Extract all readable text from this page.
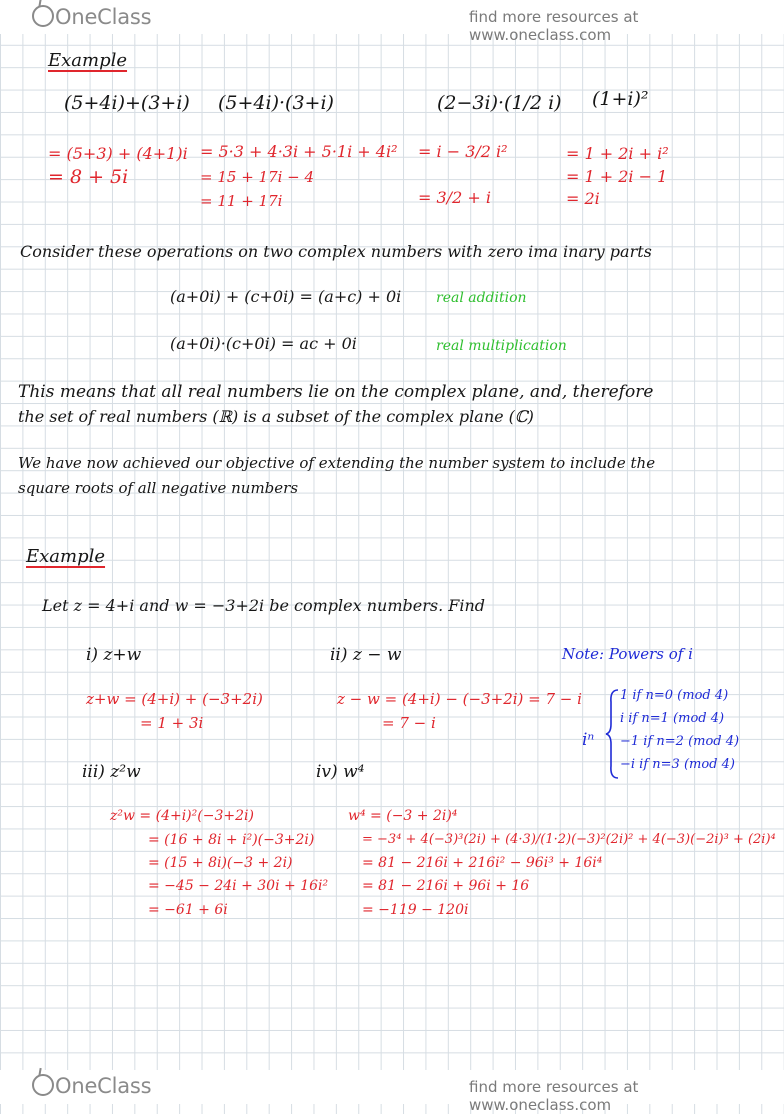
OneClass	find more resources at www.oneclass.com
Example
(5+4i)+(3+i) (5+4i)·(3+i)	(2−3i)·(1/2 i) (1+i)²
= (5+3) + (4+1)i
= 8 + 5i
= 5·3 + 4·3i + 5·1i + 4i²
= 15 + 17i − 4
= 11 + 17i
= i − 3/2 i²
= 3/2 + i
= 1 + 2i + i²
= 1 + 2i − 1
= 2i
Consider these operations on two complex numbers with zero ima inary parts
(a+0i) + (c+0i) = (a+c) + 0i real addition
(a+0i)·(c+0i) = ac + 0i	real multiplication
This means that all real numbers lie on the complex plane, and, therefore
the set of real numbers (ℝ) is a subset of the complex plane (ℂ)
We have now achieved our objective of extending the number system to include the
square roots of all negative numbers
Example
Let z = 4+i and w = −3+2i be complex numbers. Find
i) z+w
z+w = (4+i) + (−3+2i)
= 1 + 3i
ii) z − w
z − w = (4+i) − (−3+2i) = 7 − i
= 7 − i
Note: Powers of i
iⁿ
1 if n=0 (mod 4)
i if n=1 (mod 4)
−1 if n=2 (mod 4)
−i if n=3 (mod 4)
iii) z²w
z²w = (4+i)²(−3+2i)
= (16 + 8i + i²)(−3+2i)
= (15 + 8i)(−3 + 2i)
= −45 − 24i + 30i + 16i²
= −61 + 6i
iv) w⁴
w⁴ = (−3 + 2i)⁴
= −3⁴ + 4(−3)³(2i) + (4·3)/(1·2)(−3)²(2i)² + 4(−3)(−2i)³ + (2i)⁴
= 81 − 216i + 216i² − 96i³ + 16i⁴
= 81 − 216i + 96i + 16
= −119 − 120i
OneClass	find more resources at www.oneclass.com
